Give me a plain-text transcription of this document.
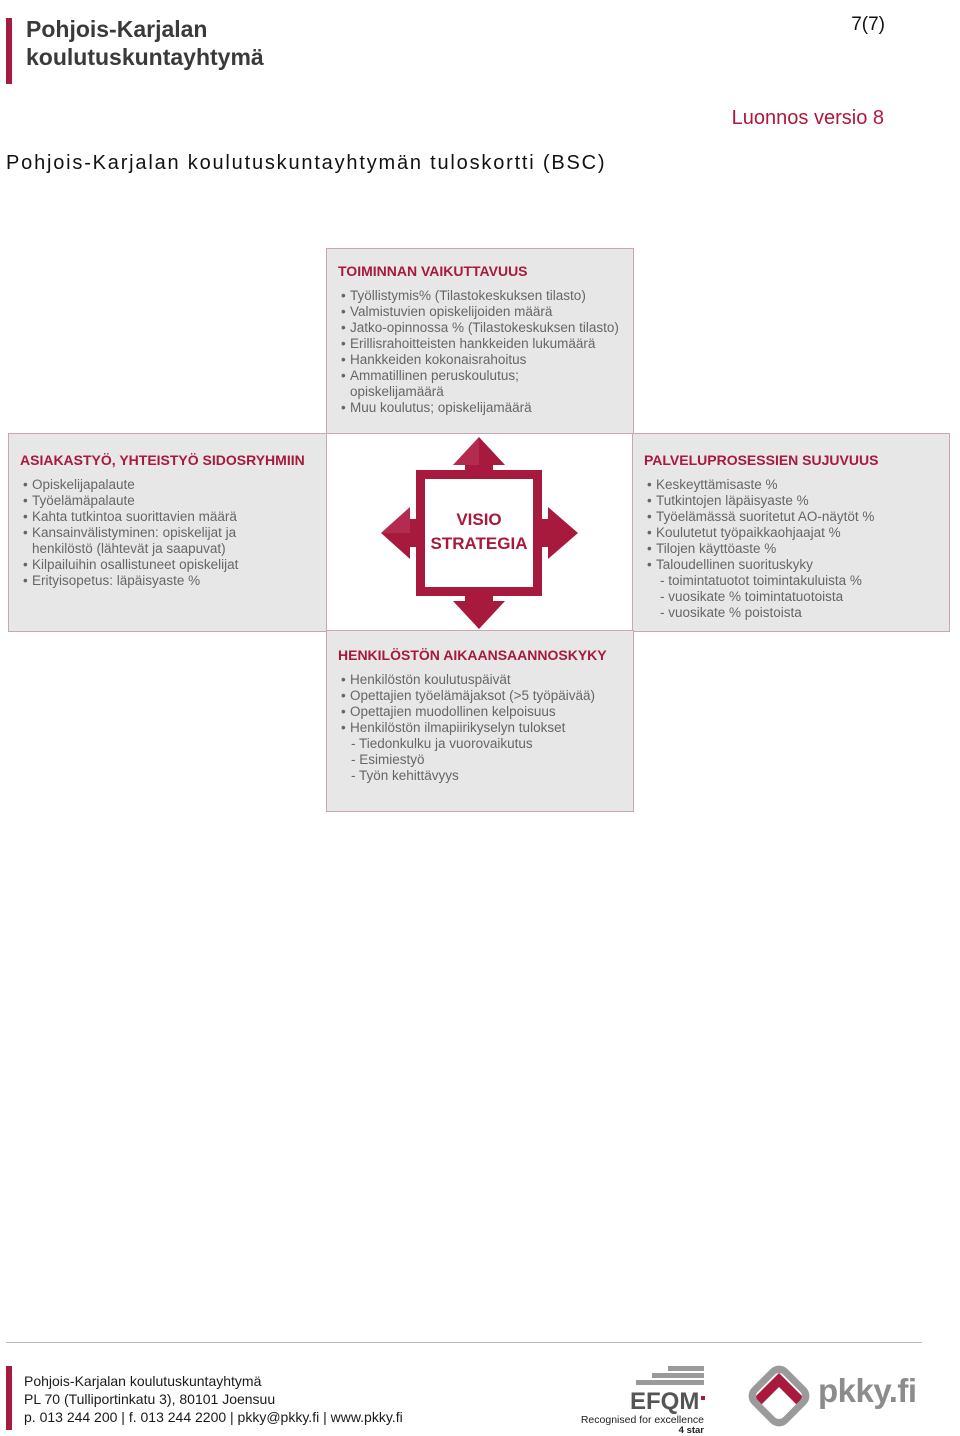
Pohjois-Karjalan
koulutuskuntayhtymä
7(7)
Luonnos versio 8
Pohjois-Karjalan koulutuskuntayhtymän tuloskortti (BSC)
TOIMINNAN VAIKUTTAVUUS
• Työllistymis% (Tilastokeskuksen tilasto)
• Valmistuvien opiskelijoiden määrä
• Jatko-opinnossa % (Tilastokeskuksen tilasto)
• Erillisrahoitteisten hankkeiden lukumäärä
• Hankkeiden kokonaisrahoitus
• Ammatillinen peruskoulutus;
opiskelijamäärä
• Muu koulutus; opiskelijamäärä
ASIAKASTYÖ, YHTEISTYÖ SIDOSRYHMIIN
• Opiskelijapalaute
• Työelämäpalaute
• Kahta tutkintoa suorittavien määrä
• Kansainvälistyminen: opiskelijat ja
henkilöstö (lähtevät ja saapuvat)
• Kilpailuihin osallistuneet opiskelijat
• Erityisopetus: läpäisyaste %
PALVELUPROSESSIEN SUJUVUUS
• Keskeyttämisaste %
• Tutkintojen läpäisyaste %
• Työelämässä suoritetut AO-näytöt %
• Koulutetut työpaikkaohjaajat %
• Tilojen käyttöaste %
• Taloudellinen suorituskyky
- toimintatuotot toimintakuluista %
- vuosikate % toimintatuotoista
- vuosikate % poistoista
HENKILÖSTÖN AIKAANSAANNOSKYKY
• Henkilöstön koulutuspäivät
• Opettajien työelämäjaksot (>5 työpäivää)
• Opettajien muodollinen kelpoisuus
• Henkilöstön ilmapiirikyselyn tulokset
- Tiedonkulku ja vuorovaikutus
- Esimiestyö
- Työn kehittävyys
VISIO
STRATEGIA
Pohjois-Karjalan koulutuskuntayhtymä
PL 70 (Tulliportinkatu 3), 80101 Joensuu
p. 013 244 200 | f. 013 244 2200 | pkky@pkky.fi | www.pkky.fi
EFQM
Recognised for excellence
4 star
pkky.fi
